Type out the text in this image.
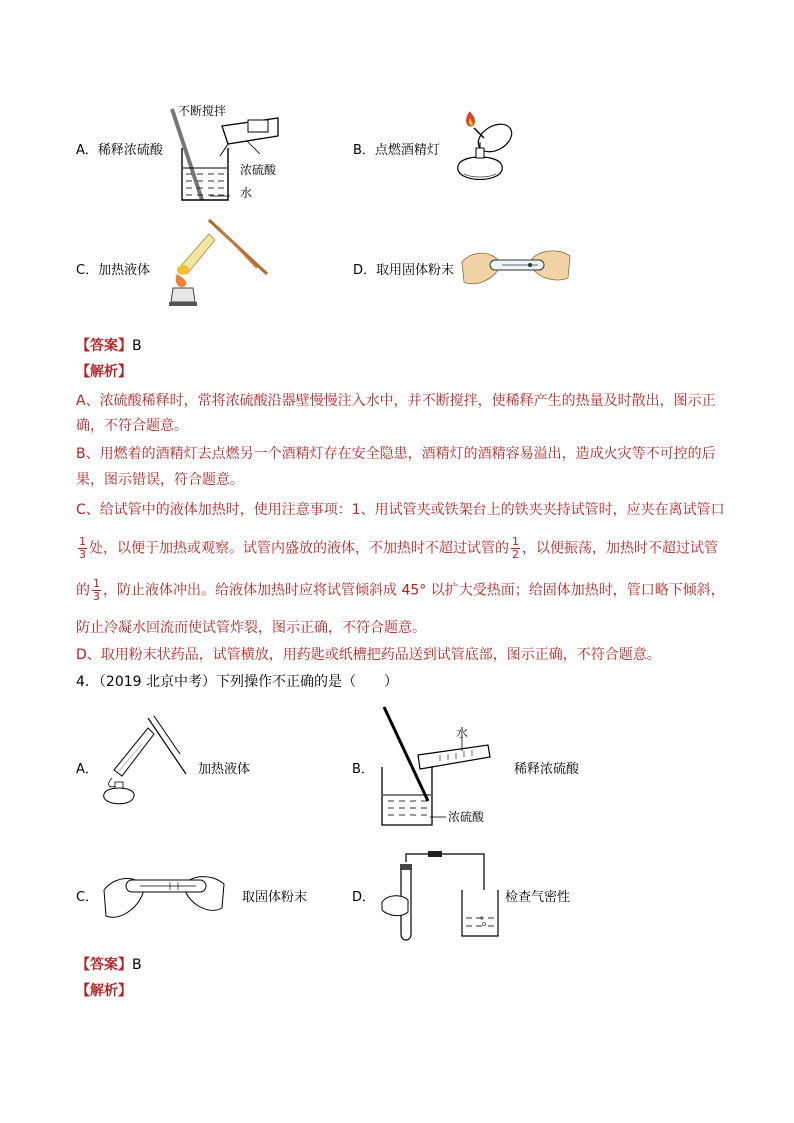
A．稀释浓硫酸	B．点燃酒精灯
C．加热液体	D．取用固体粉末
不断搅拌
浓硫酸
水
【答案】B
【解析】
A、浓硫酸稀释时，常将浓硫酸沿器壁慢慢注入水中，并不断搅拌，使稀释产生的热量及时散出，图示正
确，不符合题意。
B、用燃着的酒精灯去点燃另一个酒精灯存在安全隐患，酒精灯的酒精容易溢出，造成火灾等不可控的后
果，图示错误，符合题意。
C、给试管中的液体加热时，使用注意事项：1、用试管夹或铁架台上的铁夹夹持试管时，应夹在离试管口
$\frac{1}{3}$ 处，以便于加热或观察。试管内盛放的液体，不加热时不超过试管的 $\frac{1}{2}$ ，以便振荡，加热时不超过试管
的 $\frac{1}{3}$ ，防止液体冲出。给液体加热时应将试管倾斜成 45° 以扩大受热面；给固体加热时，管口略下倾斜，
防止冷凝水回流而使试管炸裂，图示正确，不符合题意。
D、取用粉末状药品，试管横放，用药匙或纸槽把药品送到试管底部，图示正确，不符合题意。
4．（2019 北京中考）下列操作不正确的是（　　）
A．	加热液体	B．	稀释浓硫酸
C．	取固体粉末	D．	检查气密性
水
浓硫酸
【答案】B
【解析】
